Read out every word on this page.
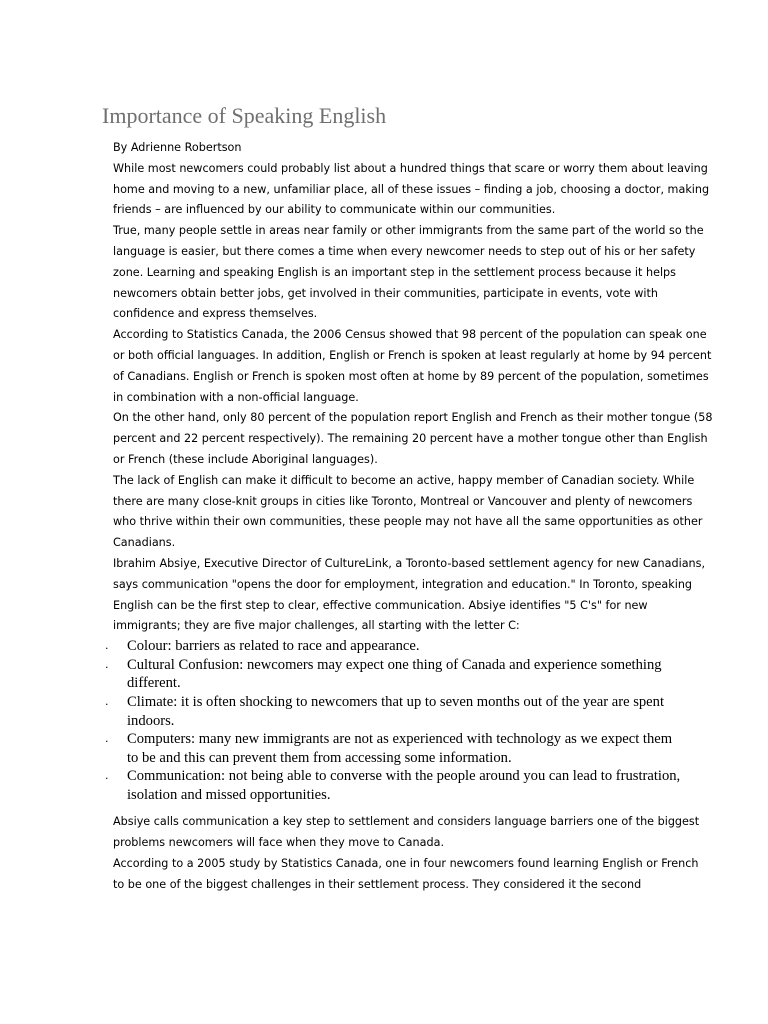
Importance of Speaking English

By Adrienne Robertson

While most newcomers could probably list about a hundred things that scare or worry them about leaving home and moving to a new, unfamiliar place, all of these issues – finding a job, choosing a doctor, making friends – are influenced by our ability to communicate within our communities.

True, many people settle in areas near family or other immigrants from the same part of the world so the language is easier, but there comes a time when every newcomer needs to step out of his or her safety zone. Learning and speaking English is an important step in the settlement process because it helps newcomers obtain better jobs, get involved in their communities, participate in events, vote with confidence and express themselves.

According to Statistics Canada, the 2006 Census showed that 98 percent of the population can speak one or both official languages. In addition, English or French is spoken at least regularly at home by 94 percent of Canadians. English or French is spoken most often at home by 89 percent of the population, sometimes in combination with a non-official language.

On the other hand, only 80 percent of the population report English and French as their mother tongue (58 percent and 22 percent respectively). The remaining 20 percent have a mother tongue other than English or French (these include Aboriginal languages).

The lack of English can make it difficult to become an active, happy member of Canadian society. While there are many close-knit groups in cities like Toronto, Montreal or Vancouver and plenty of newcomers who thrive within their own communities, these people may not have all the same opportunities as other Canadians.

Ibrahim Absiye, Executive Director of CultureLink, a Toronto-based settlement agency for new Canadians, says communication "opens the door for employment, integration and education." In Toronto, speaking English can be the first step to clear, effective communication. Absiye identifies "5 C's" for new immigrants; they are five major challenges, all starting with the letter C:

. Colour: barriers as related to race and appearance.
. Cultural Confusion: newcomers may expect one thing of Canada and experience something different.
. Climate: it is often shocking to newcomers that up to seven months out of the year are spent indoors.
. Computers: many new immigrants are not as experienced with technology as we expect them to be and this can prevent them from accessing some information.
. Communication: not being able to converse with the people around you can lead to frustration, isolation and missed opportunities.

Absiye calls communication a key step to settlement and considers language barriers one of the biggest problems newcomers will face when they move to Canada.

According to a 2005 study by Statistics Canada, one in four newcomers found learning English or French to be one of the biggest challenges in their settlement process. They considered it the second
